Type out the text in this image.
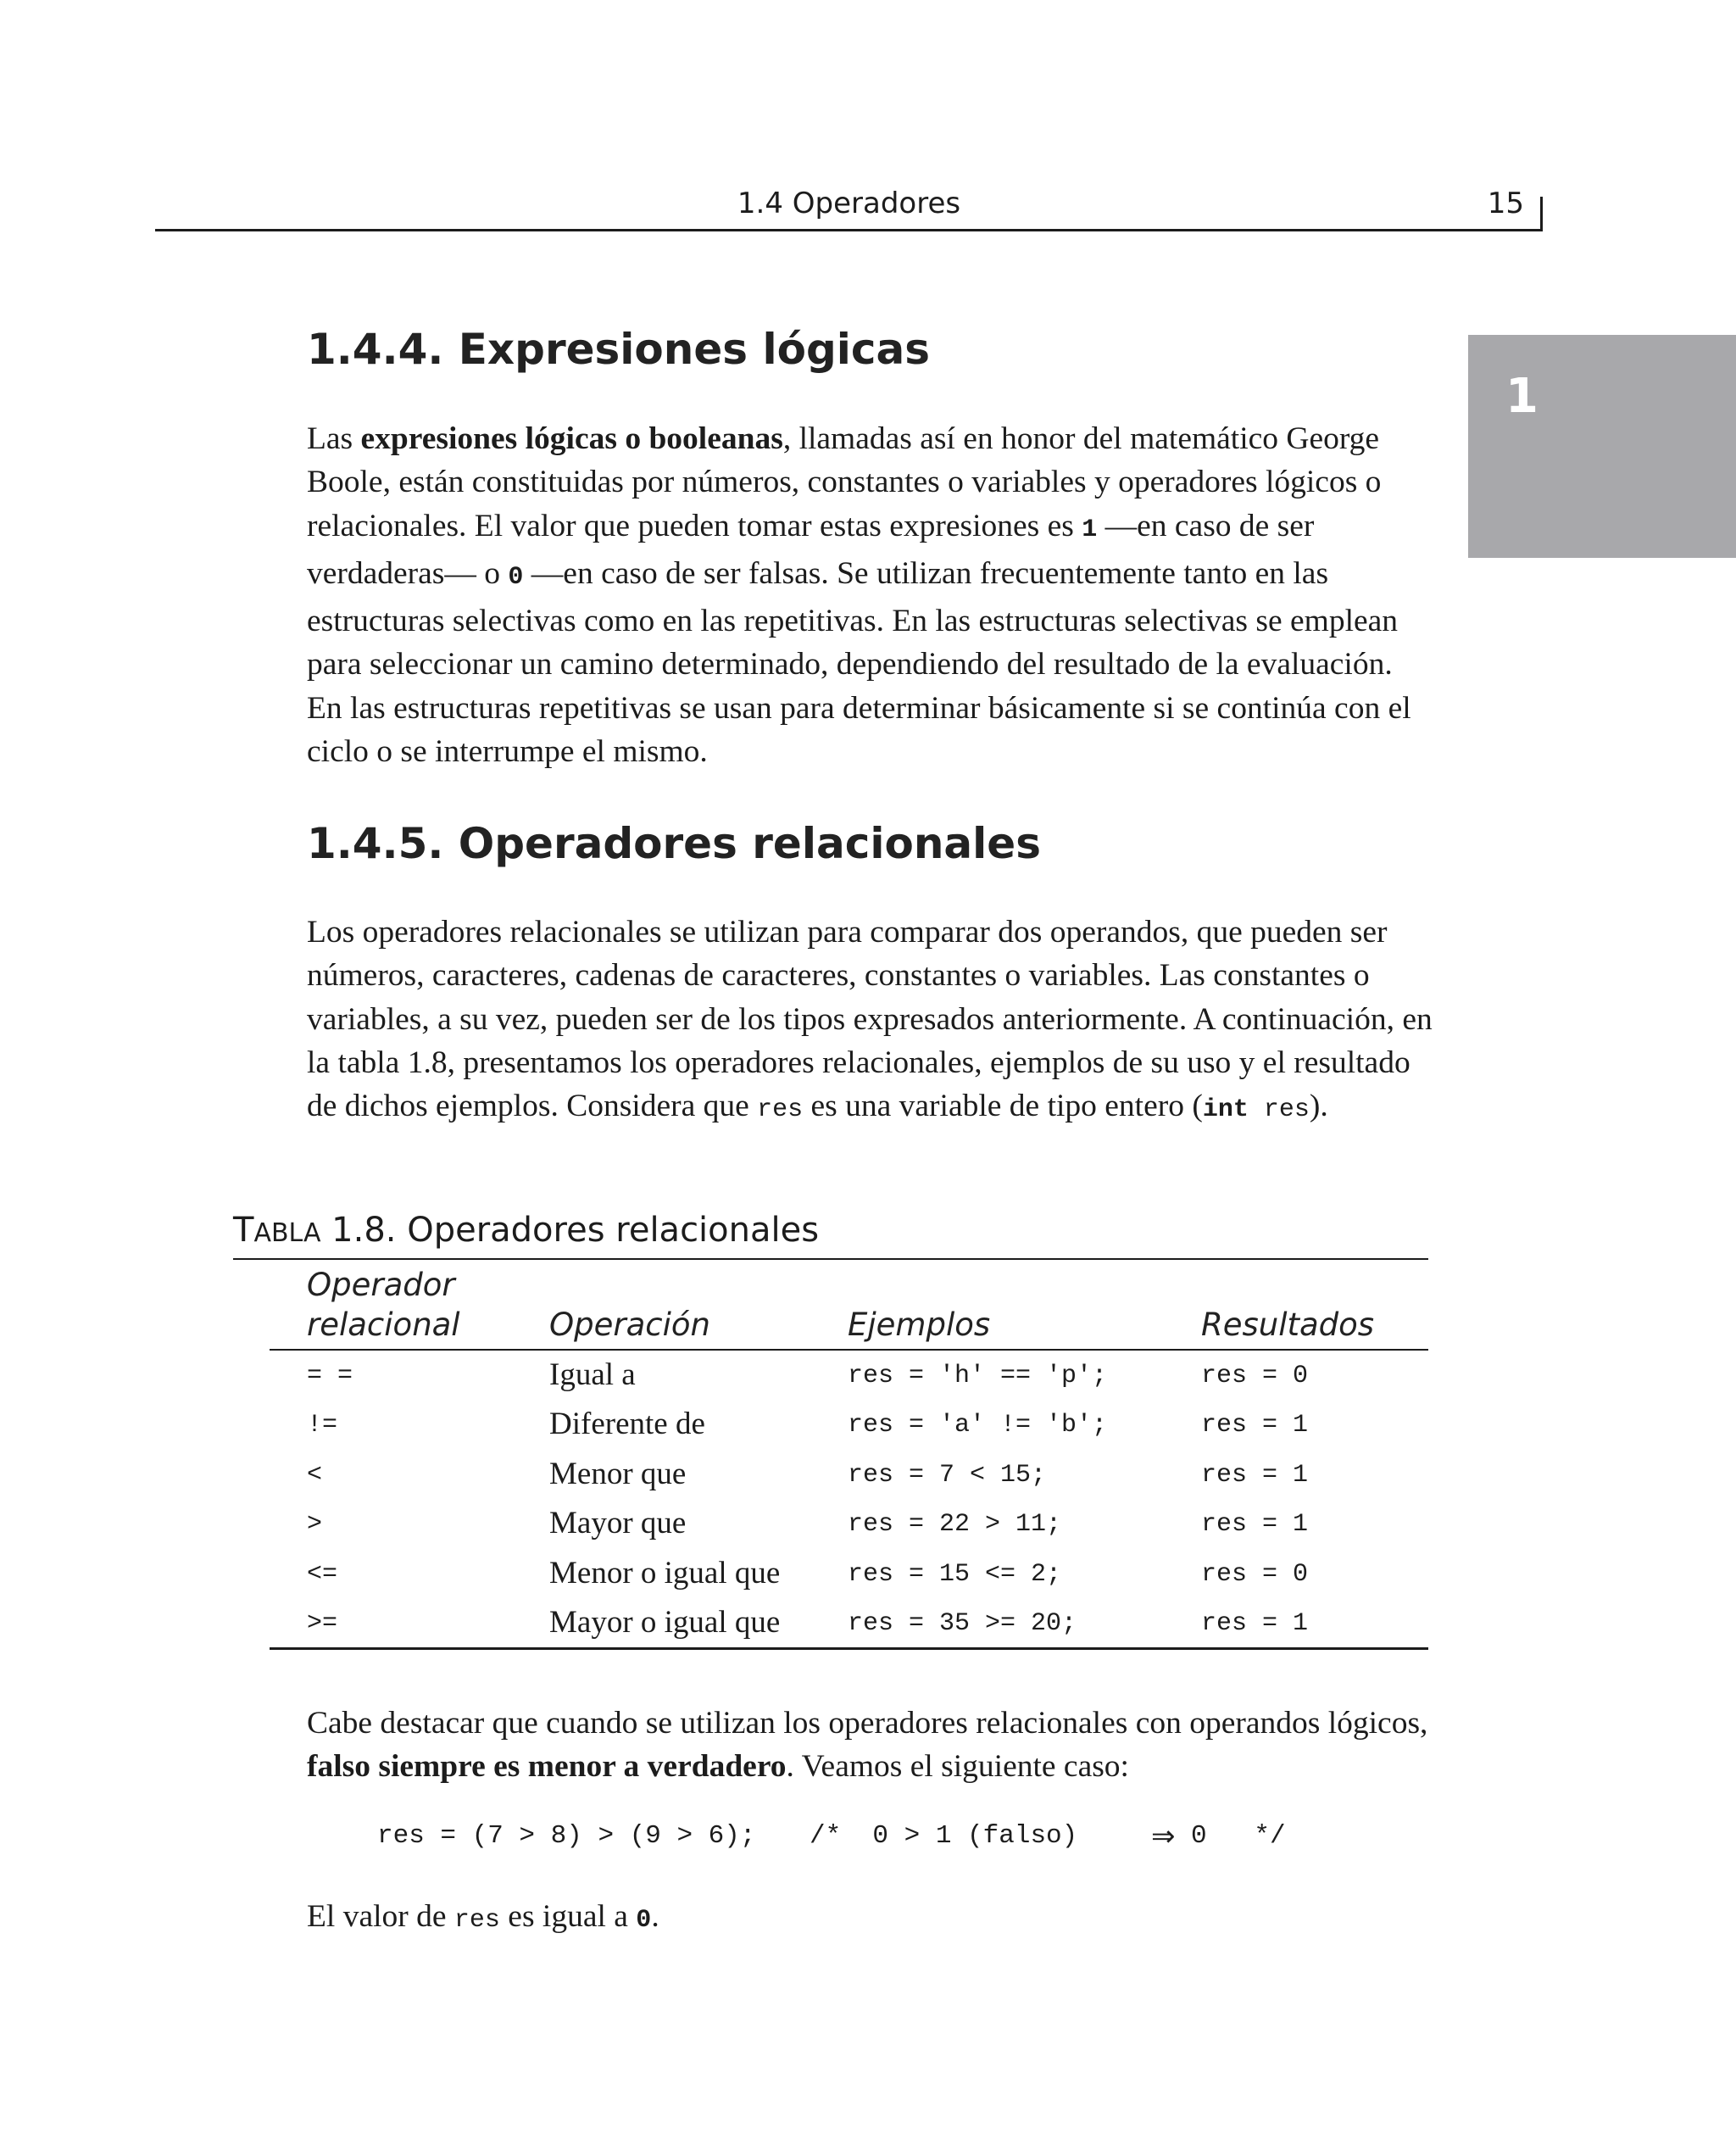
1.4 Operadores	15
1
1.4.4. Expresiones lógicas

Las expresiones lógicas o booleanas, llamadas así en honor del matemático George Boole, están constituidas por números, constantes o variables y operadores lógicos o relacionales. El valor que pueden tomar estas expresiones es 1 —en caso de ser verdaderas— o 0 —en caso de ser falsas. Se utilizan frecuentemente tanto en las estructuras selectivas como en las repetitivas. En las estructuras selectivas se emplean para seleccionar un camino determinado, dependiendo del resultado de la evaluación. En las estructuras repetitivas se usan para determinar básicamente si se continúa con el ciclo o se interrumpe el mismo.

1.4.5. Operadores relacionales

Los operadores relacionales se utilizan para comparar dos operandos, que pueden ser números, caracteres, cadenas de caracteres, constantes o variables. Las constantes o variables, a su vez, pueden ser de los tipos expresados anteriormente. A continuación, en la tabla 1.8, presentamos los operadores relacionales, ejemplos de su uso y el resultado de dichos ejemplos. Considera que res es una variable de tipo entero (int res).

TABLA 1.8. Operadores relacionales
Operador
relacional	Operación	Ejemplos	Resultados
= =	Igual a	res = 'h' == 'p';	res = 0
!=	Diferente de	res = 'a' != 'b';	res = 1
<	Menor que	res = 7 < 15;	res = 1
>	Mayor que	res = 22 > 11;	res = 1
<=	Menor o igual que	res = 15 <= 2;	res = 0
>=	Mayor o igual que	res = 35 >= 20;	res = 1

Cabe destacar que cuando se utilizan los operadores relacionales con operandos lógicos, falso siempre es menor a verdadero. Veamos el siguiente caso:

res = (7 > 8) > (9 > 6); /*  0 > 1 (falso)	⇒ 0   */

El valor de res es igual a 0.
